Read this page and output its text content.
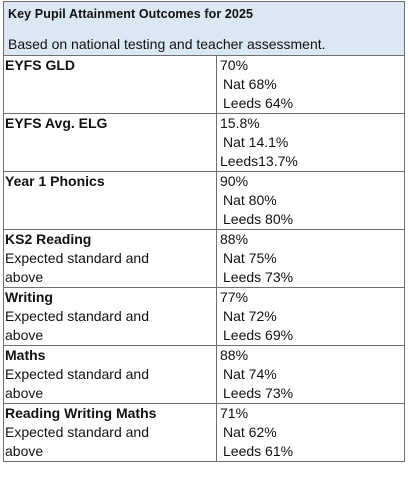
Key Pupil Attainment Outcomes for 2025
Based on national testing and teacher assessment.
EYFS GLD	70%
Nat 68%
Leeds 64%

EYFS Avg. ELG	15.8%
Nat 14.1%
Leeds13.7%

Year 1 Phonics	90%
Nat 80%
Leeds 80%

KS2 Reading
Expected standard and
above	88%
Nat 75%
Leeds 73%

Writing
Expected standard and
above	77%
Nat 72%
Leeds 69%

Maths
Expected standard and
above	88%
Nat 74%
Leeds 73%

Reading Writing Maths
Expected standard and
above	71%
Nat 62%
Leeds 61%
